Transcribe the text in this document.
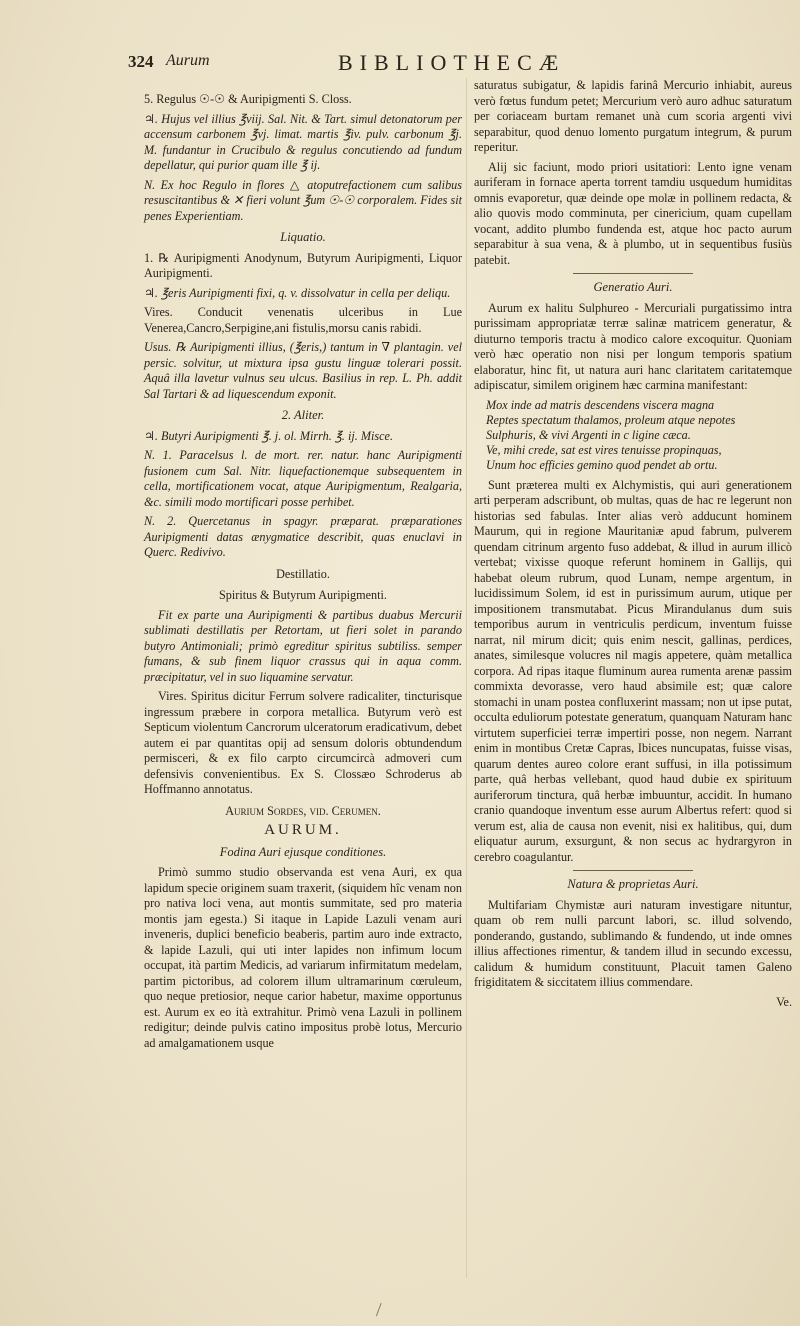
324 Aurum	BIBLIOTHECÆ

5. Regulus ☉-☉ & Auripigmenti S. Closs.

♃. Hujus vel illius ℥viij. Sal. Nit. & Tart. simul detonatorum per accensum carbonem ℥vj. limat. martis ℥iv. pulv. carbonum ℥j. M. fundantur in Crucibulo & regulus concutiendo ad fundum depellatur, qui purior quam ille ℥ ij.

N. Ex hoc Regulo in flores △ atoputrefactionem cum salibus resuscitantibus & ✕ fieri volunt ℥um ☉-☉ corporalem. Fides sit penes Experientiam.

Liquatio.

1. ℞ Auripigmenti Anodynum, Butyrum Auripigmenti, Liquor Auripigmenti.

♃. ℥eris Auripigmenti fixi, q. v. dissolvatur in cella per deliqu.

Vires. Conducit venenatis ulceribus in Lue Venerea,Cancro,Serpigine,ani fistulis,morsu canis rabidi.

Usus. ℞ Auripigmenti illius, (℥eris,) tantum in ∇ plantagin. vel persic. solvitur, ut mixtura ipsa gustu linguæ tolerari possit. Aquâ illa lavetur vulnus seu ulcus. Basilius in rep. L. Ph. addit Sal Tartari & ad liquescendum exponit.

2. Aliter.

♃. Butyri Auripigmenti ℥. j. ol. Mirrh. ℥. ij. Misce.

N. 1. Paracelsus l. de mort. rer. natur. hanc Auripigmenti fusionem cum Sal. Nitr. liquefactionemque subsequentem in cella, mortificationem vocat, atque Auripigmentum, Realgaria, &c. simili modo mortificari posse perhibet.

N. 2. Quercetanus in spagyr. præparat. præparationes Auripigmenti datas ænygmatice describit, quas enuclavi in Querc. Redivivo.

Destillatio.
Spiritus & Butyrum Auripigmenti.

Fit ex parte una Auripigmenti & partibus duabus Mercurii sublimati destillatis per Retortam, ut fieri solet in parando butyro Antimoniali; primò egreditur spiritus subtiliss. semper fumans, & sub finem liquor crassus qui in aqua comm. præcipitatur, vel in suo liquamine servatur.

Vires. Spiritus dicitur Ferrum solvere radicaliter, tincturisque ingressum præbere in corpora metallica. Butyrum verò est Septicum violentum Cancrorum ulceratorum eradicativum, debet autem ei par quantitas opij ad sensum doloris obtundendum permisceri, & ex filo carpto circumcircà admoveri cum defensivis convenientibus. Ex S. Clossæo Schroderus ab Hoffmanno annotatus.

Aurium Sordes, vid. Cerumen.
AURUM.
Fodina Auri ejusque conditiones.

Primò summo studio observanda est vena Auri, ex qua lapidum specie originem suam traxerit, (siquidem hîc venam non pro nativa loci vena, aut montis summitate, sed pro materia montis jam egesta.) Si itaque in Lapide Lazuli venam auri inveneris, duplici beneficio beaberis, partim auro inde extracto, & lapide Lazuli, qui uti inter lapides non infimum locum occupat, ità partim Medicis, ad variarum infirmitatum medelam, partim pictoribus, ad colorem illum ultramarinum cœruleum, quo neque pretiosior, neque carior habetur, maxime opportunus est. Aurum ex eo ità extrahitur. Primò vena Lazuli in pollinem redigitur; deinde pulvis catino impositus probè lotus, Mercurio ad amalgamationem usque

saturatus subigatur, & lapidis farinâ Mercurio inhiabit, aureus verò fœtus fundum petet; Mercurium verò auro adhuc saturatum per coriaceam burtam remanet unà cum scoria argenti vivi separabitur, quod denuo lomento purgatum integrum, & purum reperitur.

Alij sic faciunt, modo priori usitatiori: Lento igne venam auriferam in fornace aperta torrent tamdiu usquedum humiditas omnis evaporetur, quæ deinde ope molæ in pollinem redacta, & alio quovis modo comminuta, per cinericium, quam cupellam vocant, addito plumbo fundenda est, atque hoc pacto aurum separabitur à sua vena, & à plumbo, ut in sequentibus fusiùs patebit.

Generatio Auri.

Aurum ex halitu Sulphureo - Mercuriali purgatissimo intra purissimam appropriatæ terræ salinæ matricem generatur, & diuturno temporis tractu à modico calore excoquitur. Quoniam verò hæc operatio non nisi per longum temporis spatium elaboratur, hinc fit, ut natura auri hanc claritatem caritatemque adipiscatur, similem originem hæc carmina manifestant:

Mox inde ad matris descendens viscera magna
Reptes spectatum thalamos, proleum atque nepotes
Sulphuris, & vivi Argenti in c ligine cæca.
Ve, mihi crede, sat est vires tenuisse propinquas,
Unum hoc efficies gemino quod pendet ab ortu.

Sunt præterea multi ex Alchymistis, qui auri generationem arti perperam adscribunt, ob multas, quas de hac re legerunt non historias sed fabulas. Inter alias verò adducunt hominem Maurum, qui in regione Mauritaniæ apud fabrum, pulverem quendam citrinum argento fuso addebat, & illud in aurum illicò vertebat; vixisse quoque referunt hominem in Gallijs, qui habebat oleum rubrum, quod Lunam, nempe argentum, in lucidissimum Solem, id est in purissimum aurum, utique per impositionem transmutabat. Picus Mirandulanus dum suis temporibus aurum in ventriculis perdicum, inventum fuisse narrat, nil mirum dicit; quis enim nescit, gallinas, perdices, anates, similesque volucres nil magis appetere, quàm metallica corpora. Ad ripas itaque fluminum aurea rumenta arenæ passim commixta devorasse, vero haud absimile est; quæ calore stomachi in unam postea confluxerint massam; non ut ipse putat, occulta eduliorum potestate generatum, quanquam Naturam hanc virtutem superficiei terræ impertiri posse, non negem. Narrant enim in montibus Cretæ Capras, Ibices nuncupatas, fuisse visas, quarum dentes aureo colore erant suffusi, in illa potissimum parte, quâ herbas vellebant, quod haud dubie ex spirituum auriferorum tinctura, quâ herbæ imbuuntur, accidit. In humano cranio quandoque inventum esse aurum Albertus refert: quod si verum est, alia de causa non evenit, nisi ex halitibus, qui, dum eliquatur aurum, exsurgunt, & non secus ac hydrargyron in cerebro coagulantur.

Natura & proprietas Auri.

Multifariam Chymistæ auri naturam investigare nituntur, quam ob rem nulli parcunt labori, sc. illud solvendo, ponderando, gustando, sublimando & fundendo, ut inde omnes illius affectiones rimentur, & tandem illud in secundo excessu, calidum & humidum constituunt, Placuit tamen Galeno frigiditatem & siccitatem illius commendare.

Ve.
